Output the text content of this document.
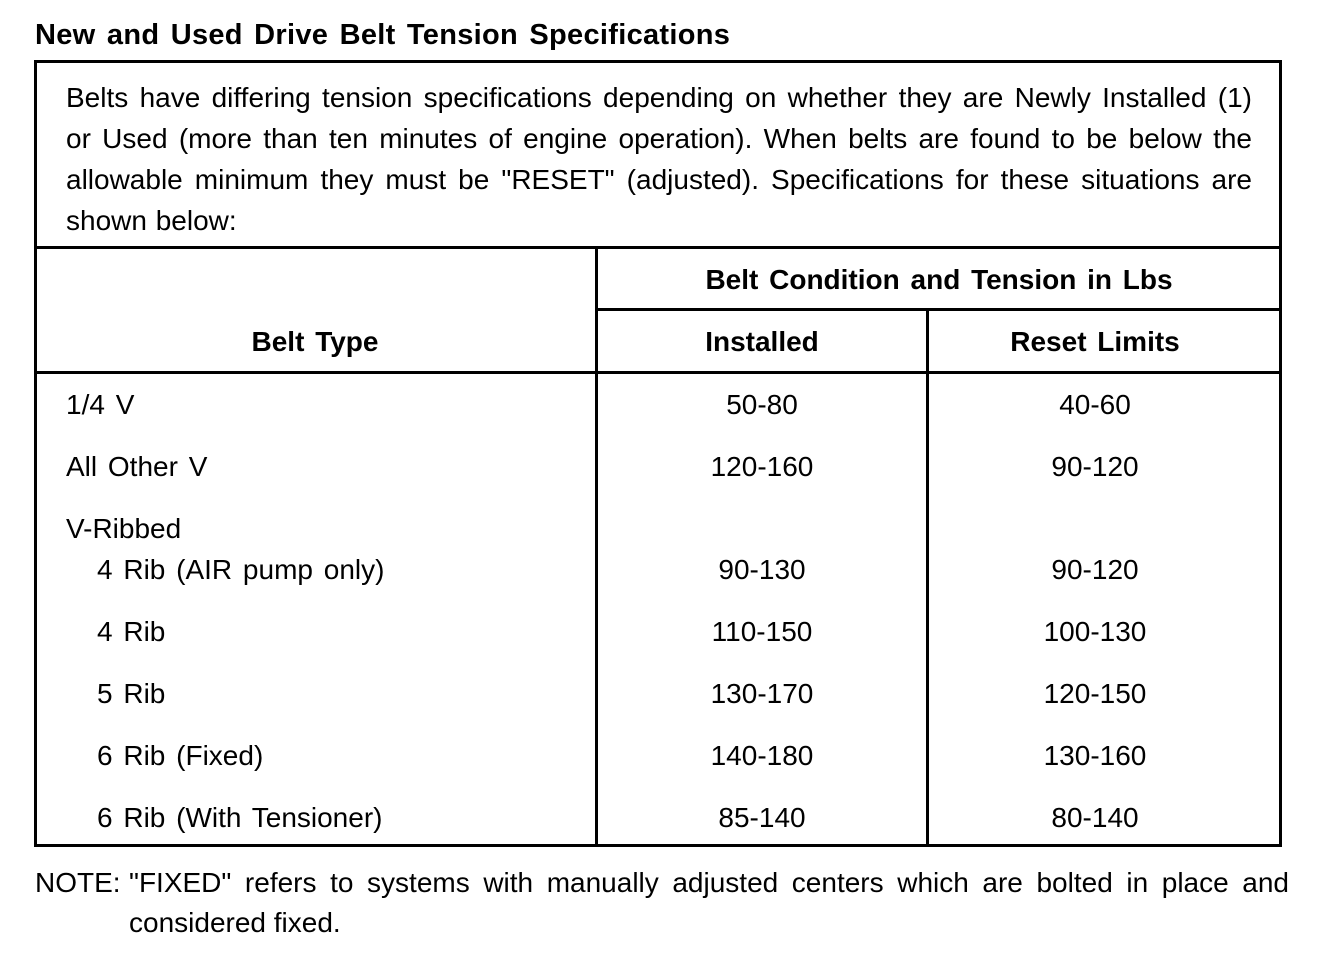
New and Used Drive Belt Tension Specifications
Belts have differing tension specifications depending on whether they are Newly Installed (1) or Used (more than ten minutes of engine operation). When belts are found to be below the allowable minimum they must be "RESET" (adjusted). Specifications for these situations are shown below:
Belt Type
Belt Condition and Tension in Lbs
Installed	Reset Limits
1/4 V	50-80	40-60
All Other V	120-160	90-120
V-Ribbed
4 Rib (AIR pump only)	90-130	90-120
4 Rib	110-150	100-130
5 Rib	130-170	120-150
6 Rib (Fixed)	140-180	130-160
6 Rib (With Tensioner)	85-140	80-140
NOTE: "FIXED" refers to systems with manually adjusted centers which are bolted in place and considered fixed.
